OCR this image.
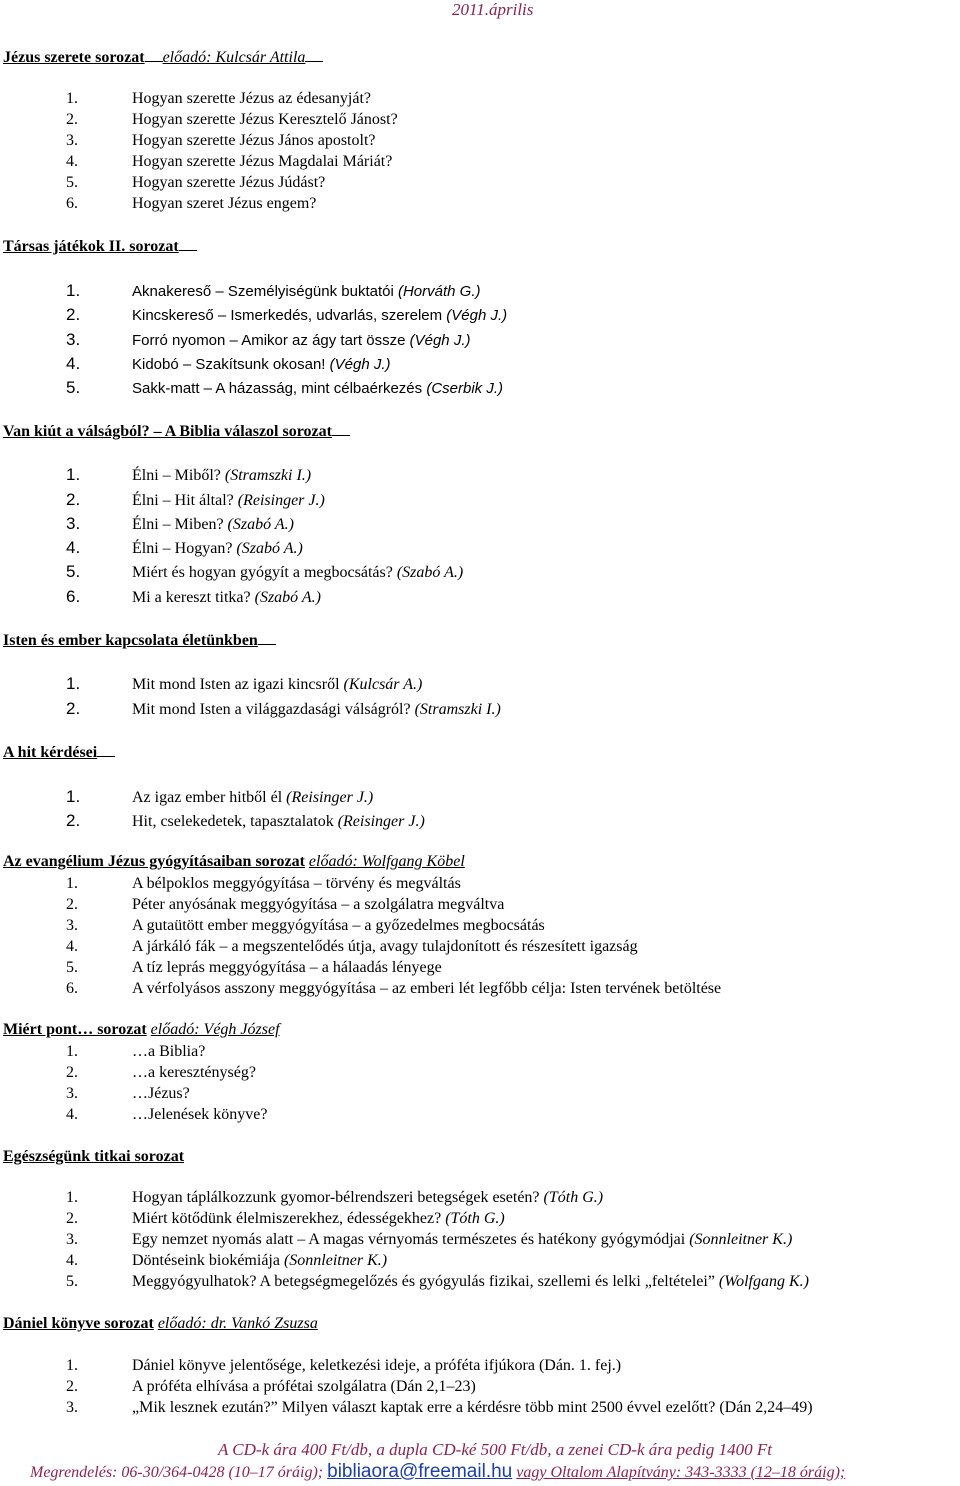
2011.április
Jézus szerete sorozat előadó: Kulcsár Attila
1.	Hogyan szerette Jézus az édesanyját?
2.	Hogyan szerette Jézus Keresztelő Jánost?
3.	Hogyan szerette Jézus János apostolt?
4.	Hogyan szerette Jézus Magdalai Máriát?
5.	Hogyan szerette Jézus Júdást?
6.	Hogyan szeret Jézus engem?
Társas játékok II. sorozat
1.	Aknakereső – Személyiségünk buktatói (Horváth G.)
2.	Kincskereső – Ismerkedés, udvarlás, szerelem (Végh J.)
3.	Forró nyomon – Amikor az ágy tart össze (Végh J.)
4.	Kidobó – Szakítsunk okosan! (Végh J.)
5.	Sakk-matt – A házasság, mint célbaérkezés (Cserbik J.)
Van kiút a válságból? – A Biblia válaszol sorozat
1.	Élni – Miből? (Stramszki I.)
2.	Élni – Hit által? (Reisinger J.)
3.	Élni – Miben? (Szabó A.)
4.	Élni – Hogyan? (Szabó A.)
5.	Miért és hogyan gyógyít a megbocsátás? (Szabó A.)
6.	Mi a kereszt titka? (Szabó A.)
Isten és ember kapcsolata életünkben
1.	Mit mond Isten az igazi kincsről (Kulcsár A.)
2.	Mit mond Isten a világgazdasági válságról? (Stramszki I.)
A hit kérdései
1.	Az igaz ember hitből él (Reisinger J.)
2.	Hit, cselekedetek, tapasztalatok (Reisinger J.)
Az evangélium Jézus gyógyításaiban sorozat előadó: Wolfgang Köbel
1.	A bélpoklos meggyógyítása – törvény és megváltás
2.	Péter anyósának meggyógyítása – a szolgálatra megváltva
3.	A gutaütött ember meggyógyítása – a győzedelmes megbocsátás
4.	A járkáló fák – a megszentelődés útja, avagy tulajdonított és részesített igazság
5.	A tíz leprás meggyógyítása – a hálaadás lényege
6.	A vérfolyásos asszony meggyógyítása – az emberi lét legfőbb célja: Isten tervének betöltése
Miért pont… sorozat előadó: Végh József
1.	…a Biblia?
2.	…a kereszténység?
3.	…Jézus?
4.	…Jelenések könyve?
Egészségünk titkai sorozat
1.	Hogyan táplálkozzunk gyomor-bélrendszeri betegségek esetén? (Tóth G.)
2.	Miért kötődünk élelmiszerekhez, édességekhez? (Tóth G.)
3.	Egy nemzet nyomás alatt – A magas vérnyomás természetes és hatékony gyógymódjai (Sonnleitner K.)
4.	Döntéseink biokémiája (Sonnleitner K.)
5.	Meggyógyulhatok? A betegségmegelőzés és gyógyulás fizikai, szellemi és lelki „feltételei” (Wolfgang K.)
Dániel könyve sorozat előadó: dr. Vankó Zsuzsa
1.	Dániel könyve jelentősége, keletkezési ideje, a próféta ifjúkora (Dán. 1. fej.)
2.	A próféta elhívása a prófétai szolgálatra (Dán 2,1–23)
3.	„Mik lesznek ezután?” Milyen választ kaptak erre a kérdésre több mint 2500 évvel ezelőtt? (Dán 2,24–49)
A CD-k ára 400 Ft/db, a dupla CD-ké 500 Ft/db, a zenei CD-k ára pedig 1400 Ft
Megrendelés: 06-30/364-0428 (10–17 óráig); bibliaora@freemail.hu vagy Oltalom Alapítvány: 343-3333 (12–18 óráig);
